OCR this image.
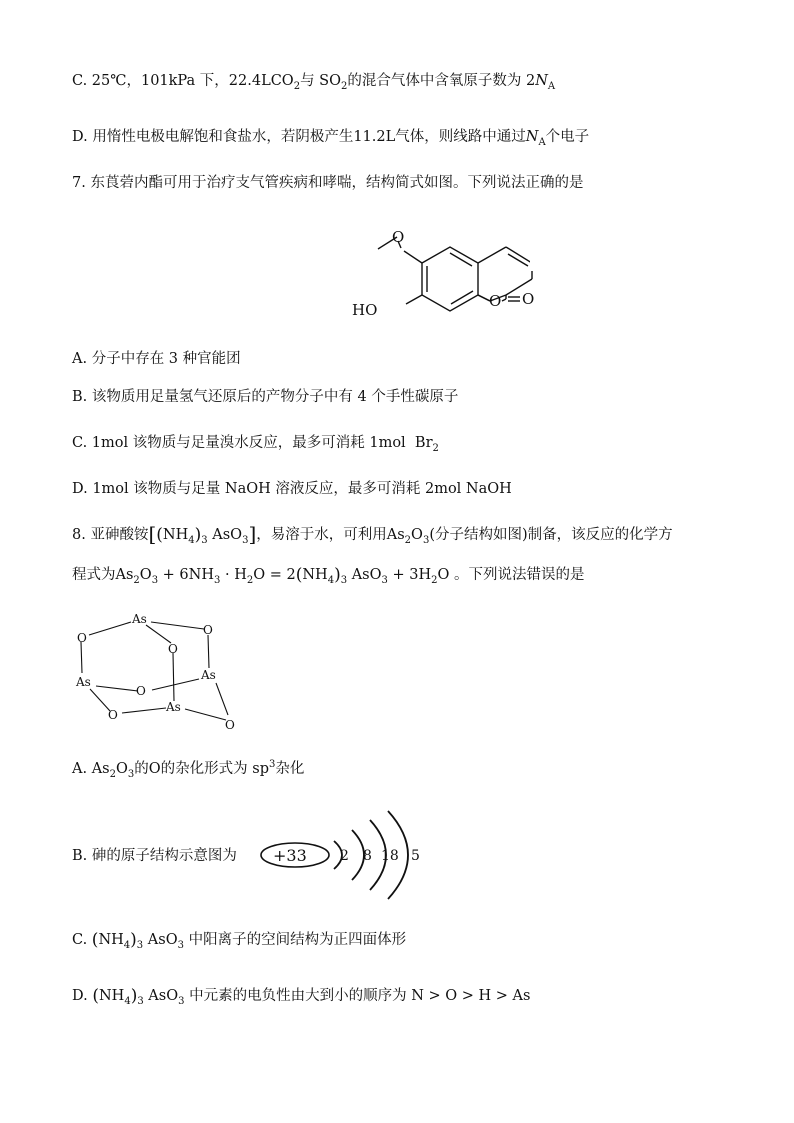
C. 25℃，101kPa 下，$22.4LCO_2$与 $SO_2$的混合气体中含氧原子数为 $2N_A$
D. 用惰性电极电解饱和食盐水，若阴极产生11.2L气体，则线路中通过$N_A$个电子
7. 东莨菪内酯可用于治疗支气管疾病和哮喘，结构简式如图。下列说法正确的是
O
HO	O O
A. 分子中存在 3 种官能团
B. 该物质用足量氢气还原后的产物分子中有 4 个手性碳原子
C. 1mol 该物质与足量溴水反应，最多可消耗 1mol $Br_2$
D. 1mol 该物质与足量 NaOH 溶液反应，最多可消耗 2mol NaOH
8. 亚砷酸铵[$(NH_4)_3$ AsO$_3$]，易溶于水，可利用$As_2O_3$(分子结构如图)制备，该反应的化学方
程式为$As_2O_3 + 6NH_3 \cdot H_2O = 2(NH_4)_3$ $AsO_3 + 3H_2O$ 。下列说法错误的是
As
O
O
O
As	As
O
As
O
O
A. $As_2O_3$的O的杂化形式为 $sp^3$杂化
B. 砷的原子结构示意图为 +33 2 8 18 5
C. $(NH_4)_3$ AsO$_3$ 中阳离子的空间结构为正四面体形
D. $(NH_4)_3$ AsO$_3$ 中元素的电负性由大到小的顺序为 N > O > H > As
